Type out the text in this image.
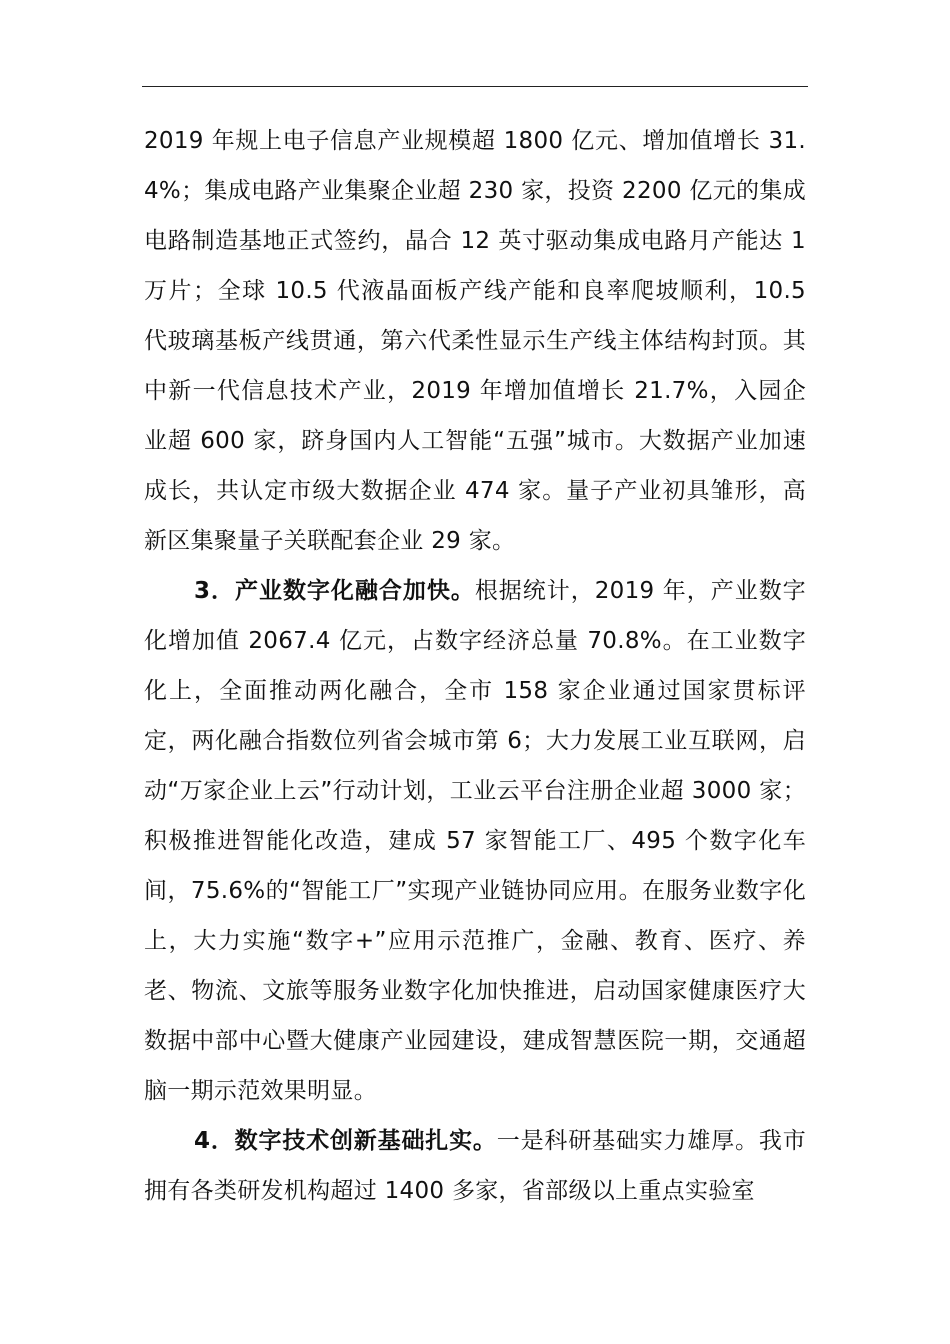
2019 年规上电子信息产业规模超 1800 亿元、增加值增长 31.4%；集成电路产业集聚企业超 230 家，投资 2200 亿元的集成电路制造基地正式签约，晶合 12 英寸驱动集成电路月产能达 1 万片；全球 10.5 代液晶面板产线产能和良率爬坡顺利，10.5 代玻璃基板产线贯通，第六代柔性显示生产线主体结构封顶。其中新一代信息技术产业，2019 年增加值增长 21.7%，入园企业超 600 家，跻身国内人工智能“五强”城市。大数据产业加速成长，共认定市级大数据企业 474 家。量子产业初具雏形，高新区集聚量子关联配套企业 29 家。

3．产业数字化融合加快。根据统计，2019 年，产业数字化增加值 2067.4 亿元，占数字经济总量 70.8%。在工业数字化上，全面推动两化融合，全市 158 家企业通过国家贯标评定，两化融合指数位列省会城市第 6；大力发展工业互联网，启动“万家企业上云”行动计划，工业云平台注册企业超 3000 家；积极推进智能化改造，建成 57 家智能工厂、495 个数字化车间，75.6%的“智能工厂”实现产业链协同应用。在服务业数字化上，大力实施“数字+”应用示范推广，金融、教育、医疗、养老、物流、文旅等服务业数字化加快推进，启动国家健康医疗大数据中部中心暨大健康产业园建设，建成智慧医院一期，交通超脑一期示范效果明显。

4．数字技术创新基础扎实。一是科研基础实力雄厚。我市拥有各类研发机构超过 1400 多家，省部级以上重点实验室
